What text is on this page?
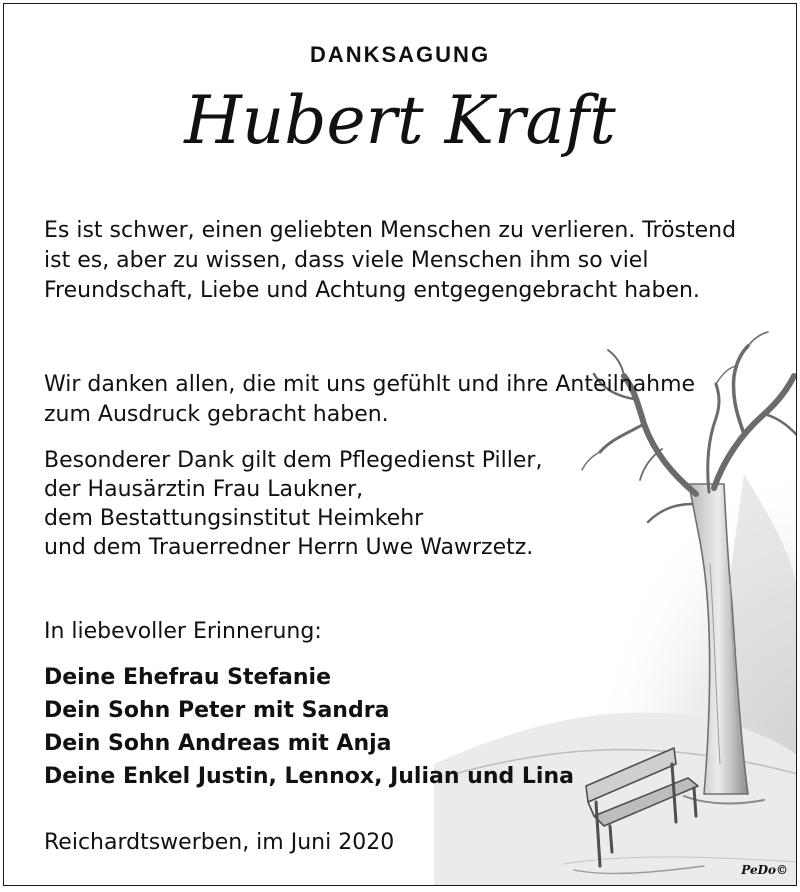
DANKSAGUNG
Hubert Kraft

Es ist schwer, einen geliebten Menschen zu verlieren. Tröstend ist es, aber zu wissen, dass viele Menschen ihm so viel Freundschaft, Liebe und Achtung entgegengebracht haben.

Wir danken allen, die mit uns gefühlt und ihre Anteilnahme zum Ausdruck gebracht haben.

Besonderer Dank gilt dem Pflegedienst Piller,
der Hausärztin Frau Laukner,
dem Bestattungsinstitut Heimkehr
und dem Trauerredner Herrn Uwe Wawrzetz.
In liebevoller Erinnerung:
Deine Ehefrau Stefanie
Dein Sohn Peter mit Sandra
Dein Sohn Andreas mit Anja
Deine Enkel Justin, Lennox, Julian und Lina
Reichardtswerben, im Juni 2020
PeDo©
